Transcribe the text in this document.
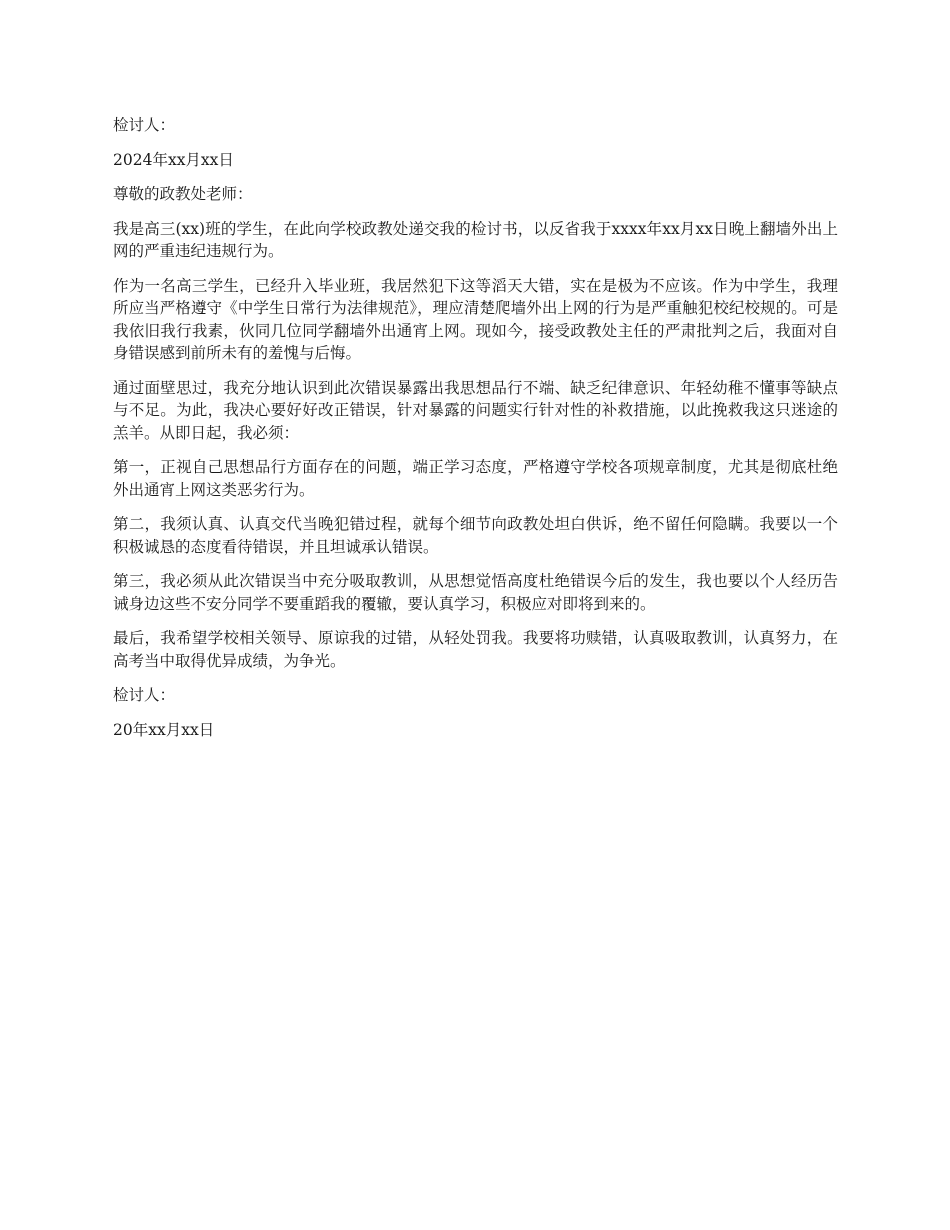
检讨人：

2024年xx月xx日

尊敬的政教处老师：

我是高三(xx)班的学生，在此向学校政教处递交我的检讨书，以反省我于xxxx年xx月xx日晚上翻墙外出上网的严重违纪违规行为。

作为一名高三学生，已经升入毕业班，我居然犯下这等滔天大错，实在是极为不应该。作为中学生，我理所应当严格遵守《中学生日常行为法律规范》，理应清楚爬墙外出上网的行为是严重触犯校纪校规的。可是我依旧我行我素，伙同几位同学翻墙外出通宵上网。现如今，接受政教处主任的严肃批判之后，我面对自身错误感到前所未有的羞愧与后悔。

通过面壁思过，我充分地认识到此次错误暴露出我思想品行不端、缺乏纪律意识、年轻幼稚不懂事等缺点与不足。为此，我决心要好好改正错误，针对暴露的问题实行针对性的补救措施，以此挽救我这只迷途的羔羊。从即日起，我必须：

第一，正视自己思想品行方面存在的问题，端正学习态度，严格遵守学校各项规章制度，尤其是彻底杜绝外出通宵上网这类恶劣行为。

第二，我须认真、认真交代当晚犯错过程，就每个细节向政教处坦白供诉，绝不留任何隐瞒。我要以一个积极诚恳的态度看待错误，并且坦诚承认错误。

第三，我必须从此次错误当中充分吸取教训，从思想觉悟高度杜绝错误今后的发生，我也要以个人经历告诫身边这些不安分同学不要重蹈我的覆辙，要认真学习，积极应对即将到来的。

最后，我希望学校相关领导、原谅我的过错，从轻处罚我。我要将功赎错，认真吸取教训，认真努力，在高考当中取得优异成绩，为争光。

检讨人：

20年xx月xx日
